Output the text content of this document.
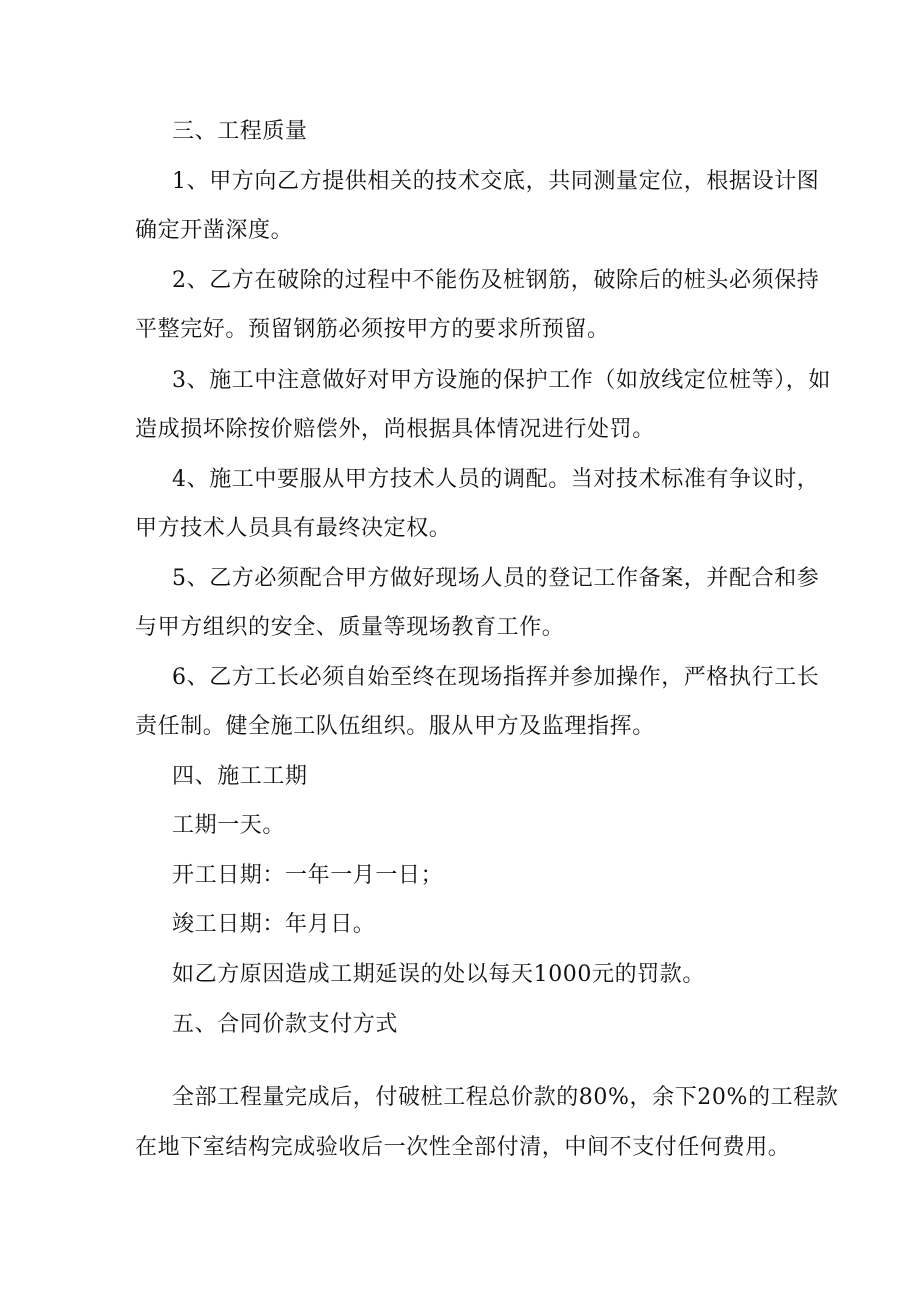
三、工程质量
1、甲方向乙方提供相关的技术交底，共同测量定位，根据设计图
确定开凿深度。
2、乙方在破除的过程中不能伤及桩钢筋，破除后的桩头必须保持
平整完好。预留钢筋必须按甲方的要求所预留。
3、施工中注意做好对甲方设施的保护工作（如放线定位桩等），如
造成损坏除按价赔偿外，尚根据具体情况进行处罚。
4、施工中要服从甲方技术人员的调配。当对技术标准有争议时，
甲方技术人员具有最终决定权。
5、乙方必须配合甲方做好现场人员的登记工作备案，并配合和参
与甲方组织的安全、质量等现场教育工作。
6、乙方工长必须自始至终在现场指挥并参加操作，严格执行工长
责任制。健全施工队伍组织。服从甲方及监理指挥。
四、施工工期
工期一天。
开工日期：一年一月一日；
竣工日期：年月日。
如乙方原因造成工期延误的处以每天1000元的罚款。
五、合同价款支付方式
全部工程量完成后，付破桩工程总价款的80%，余下20%的工程款
在地下室结构完成验收后一次性全部付清，中间不支付任何费用。
